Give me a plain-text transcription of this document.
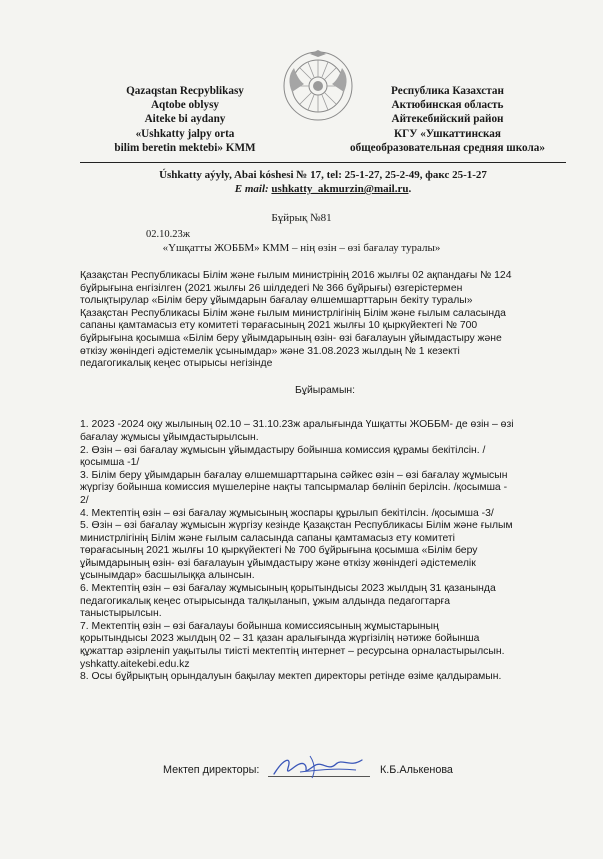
Qazaqstan Recpyblikasy
Aqtobe oblysy
Aiteke bi aydany
«Ushkatty jalpy orta
bilim beretin mektebi» KMM
Республика Казахстан
Актюбинская область
Айтекебийский район
КГУ «Ушкаттинская
общеобразовательная средняя школа»
Úshkatty aýyly, Abai kóshesi № 17, tel: 25-1-27, 25-2-49, факс 25-1-27
E mail: ushkatty_akmurzin@mail.ru.
Бұйрық №81
02.10.23ж
«Үшқатты ЖОББМ» КММ – нің өзін – өзі бағалау туралы»

Қазақстан Республикасы Білім және ғылым министрінің 2016 жылғы 02 ақпандағы № 124

бұйрығына енгізілген (2021 жылғы 26 шілдедегі № 366 бұйрығы) өзгерістермен

толықтырулар «Білім беру ұйымдарын бағалау өлшемшарттарын бекіту туралы»

Қазақстан Республикасы Білім және ғылым министрлігінің Білім және ғылым саласында

сапаны қамтамасыз ету комитеті төрағасының 2021 жылғы 10 қыркүйектегі № 700

бұйрығына қосымша «Білім беру ұйымдарының өзін- өзі бағалауын ұйымдастыру және

өткізу жөніндегі әдістемелік ұсынымдар» және 31.08.2023 жылдың № 1 кезекті

педагогикалық кеңес отырысы негізінде

Бұйырамын:

1. 2023 -2024 оқу жылының 02.10 – 31.10.23ж аралығында Үшқатты ЖОББМ- де өзін – өзі

бағалау жұмысы ұйымдастырылсын.

2. Өзін – өзі бағалау жұмысын ұйымдастыру бойынша комиссия құрамы бекітілсін. /

қосымша -1/

3. Білім беру ұйымдарын бағалау өлшемшарттарына сәйкес өзін – өзі бағалау жұмысын

жүргізу бойынша комиссия мүшелеріне нақты тапсырмалар бөлініп берілсін. /қосымша -

2/

4. Мектептің өзін – өзі бағалау жұмысының жоспары құрылып бекітілсін. /қосымша -3/

5. Өзін – өзі бағалау жұмысын жүргізу кезінде Қазақстан Республикасы Білім және ғылым

министрлігінің Білім және ғылым саласында сапаны қамтамасыз ету комитеті

төрағасының 2021 жылғы 10 қыркүйектегі № 700 бұйрығына қосымша «Білім беру

ұйымдарының өзін- өзі бағалауын ұйымдастыру және өткізу жөніндегі әдістемелік

ұсынымдар» басшылыққа алынсын.

6. Мектептің өзін – өзі бағалау жұмысының қорытындысы 2023 жылдың 31 қазанында

педагогикалық кеңес отырысында талқыланып, ұжым алдында педагогтарға

таныстырылсын.

7. Мектептің өзін – өзі бағалауы бойынша комиссиясының жұмыстарының

қорытындысы 2023 жылдың 02 – 31 қазан аралығында жүргізілің нәтиже бойынша

құжаттар әзірленіп уақытылы тиісті мектептің интернет – ресурсына орналастырылсын.

yshkatty.aitekebi.edu.kz

8. Осы бұйрықтың орындалуын бақылау мектеп директоры ретінде өзіме қалдырамын.

Мектеп директоры:	К.Б.Алькенова
